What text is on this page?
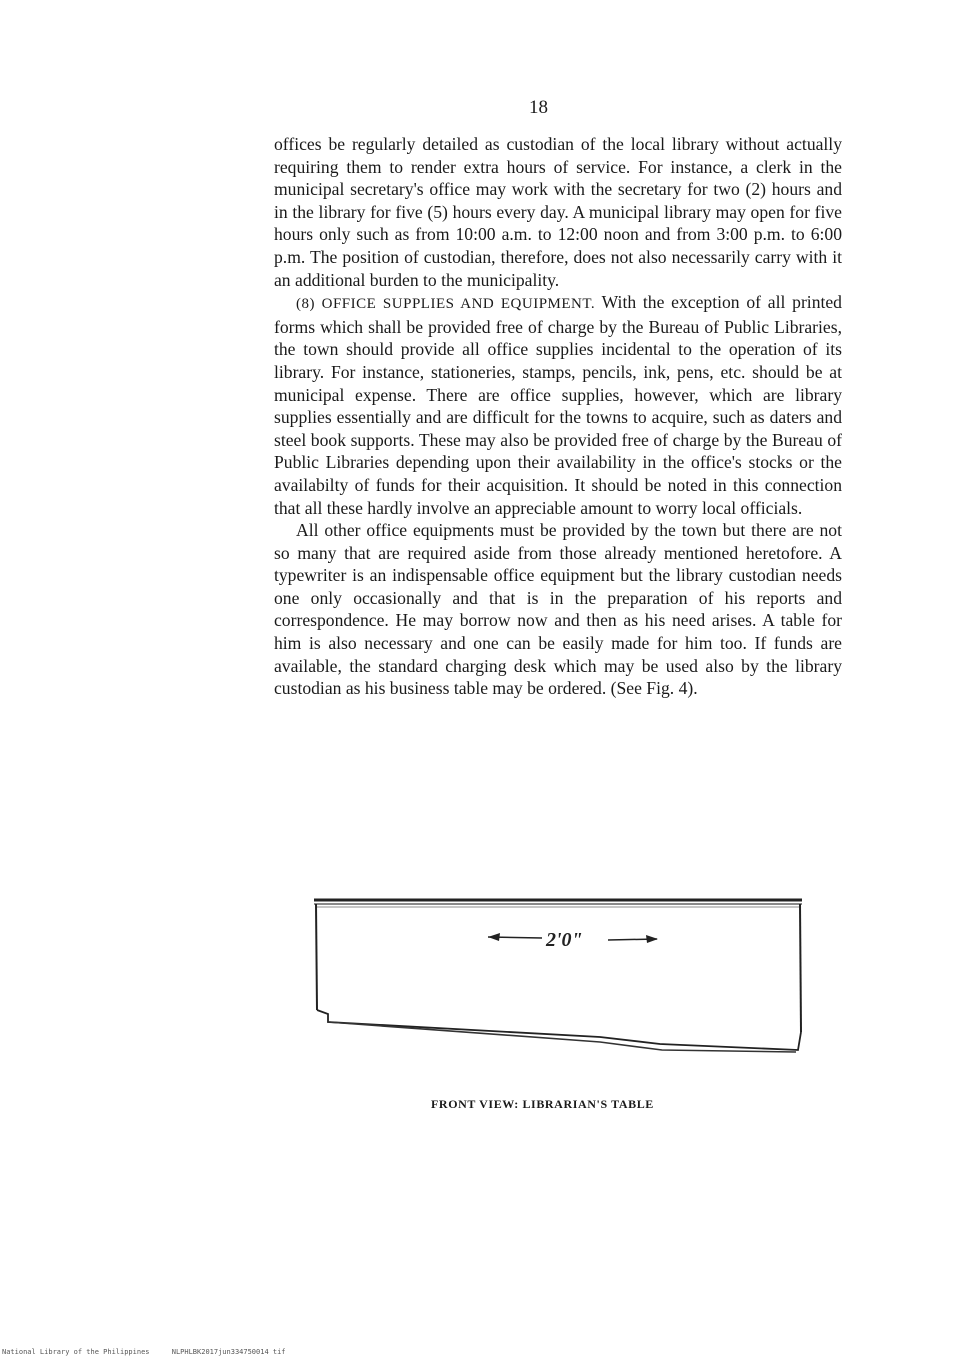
18

offices be regularly detailed as custodian of the local library without actually requiring them to render extra hours of service. For instance, a clerk in the municipal secretary's office may work with the secretary for two (2) hours and in the library for five (5) hours every day. A municipal library may open for five hours only such as from 10:00 a.m. to 12:00 noon and from 3:00 p.m. to 6:00 p.m. The position of custodian, therefore, does not also necessarily carry with it an additional burden to the municipality.

(8) OFFICE SUPPLIES AND EQUIPMENT. With the exception of all printed forms which shall be provided free of charge by the Bureau of Public Libraries, the town should provide all office supplies incidental to the operation of its library. For instance, stationeries, stamps, pencils, ink, pens, etc. should be at municipal expense. There are office supplies, however, which are library supplies essentially and are difficult for the towns to acquire, such as daters and steel book supports. These may also be provided free of charge by the Bureau of Public Libraries depending upon their availability in the office's stocks or the availabilty of funds for their acquisition. It should be noted in this connection that all these hardly involve an appreciable amount to worry local officials.

All other office equipments must be provided by the town but there are not so many that are required aside from those already mentioned heretofore. A typewriter is an indispensable office equipment but the library custodian needs one only occasionally and that is in the preparation of his reports and correspondence. He may borrow now and then as his need arises. A table for him is also necessary and one can be easily made for him too. If funds are available, the standard charging desk which may be used also by the library custodian as his business table may be ordered. (See Fig. 4).

2'0"
FRONT VIEW: LIBRARIAN'S TABLE
National Library of the Philippines	NLPHLBK2017jun334750014 tif
